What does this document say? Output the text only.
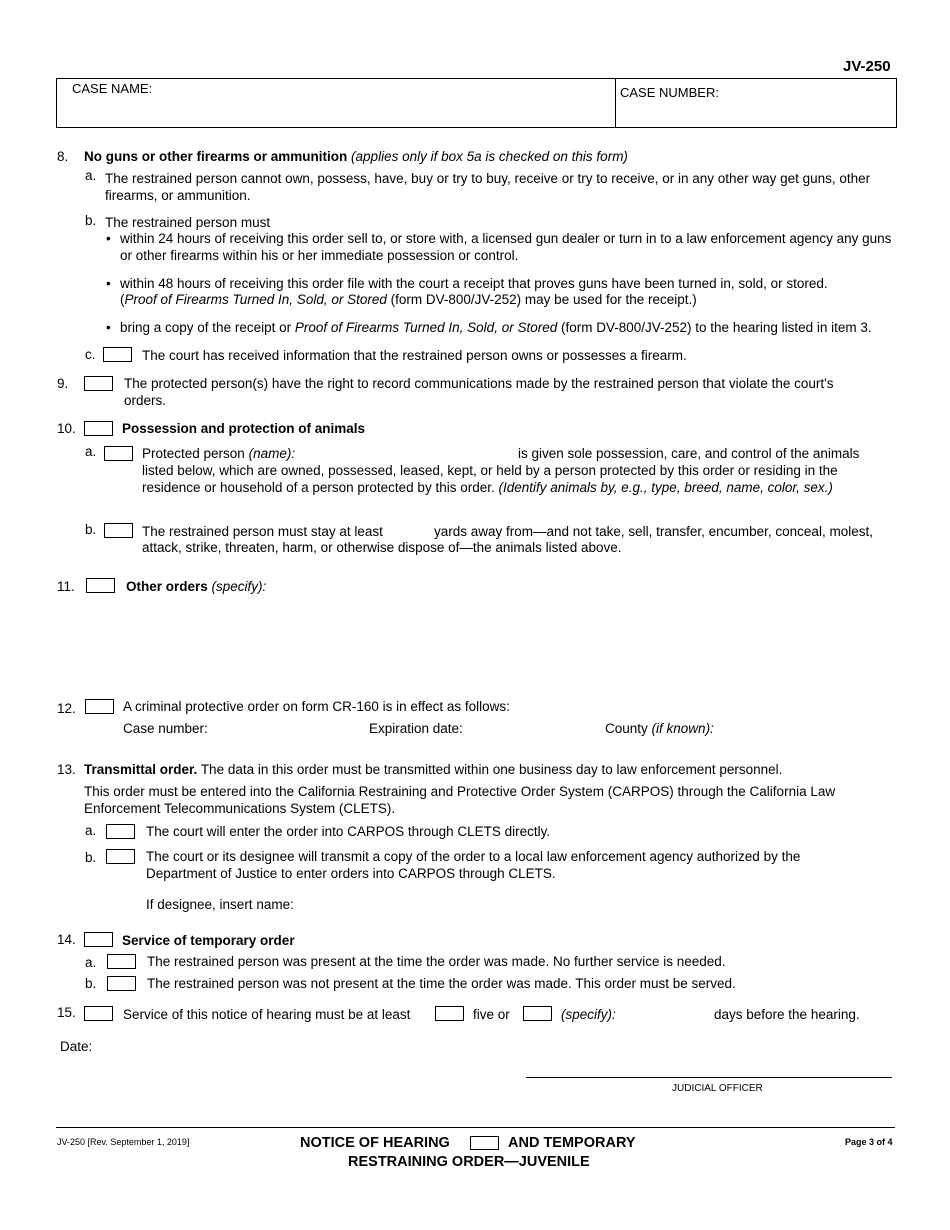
JV-250
CASE NAME:	CASE NUMBER:
8. No guns or other firearms or ammunition (applies only if box 5a is checked on this form)
a. The restrained person cannot own, possess, have, buy or try to buy, receive or try to receive, or in any other way get guns, other firearms, or ammunition.
b. The restrained person must
• within 24 hours of receiving this order sell to, or store with, a licensed gun dealer or turn in to a law enforcement agency any guns or other firearms within his or her immediate possession or control.
• within 48 hours of receiving this order file with the court a receipt that proves guns have been turned in, sold, or stored.
(Proof of Firearms Turned In, Sold, or Stored (form DV-800/JV-252) may be used for the receipt.)
• bring a copy of the receipt or Proof of Firearms Turned In, Sold, or Stored (form DV-800/JV-252) to the hearing listed in item 3.
c.	The court has received information that the restrained person owns or possesses a firearm.
9.	The protected person(s) have the right to record communications made by the restrained person that violate the court's orders.
10.	Possession and protection of animals
a.	Protected person (name):	is given sole possession, care, and control of the animals
listed below, which are owned, possessed, leased, kept, or held by a person protected by this order or residing in the
residence or household of a person protected by this order. (Identify animals by, e.g., type, breed, name, color, sex.)
b.	The restrained person must stay at least	yards away from—and not take, sell, transfer, encumber, conceal, molest,
attack, strike, threaten, harm, or otherwise dispose of—the animals listed above.
11.	Other orders (specify):
12.	A criminal protective order on form CR-160 is in effect as follows:
Case number:	Expiration date:	County (if known):
13. Transmittal order. The data in this order must be transmitted within one business day to law enforcement personnel.
This order must be entered into the California Restraining and Protective Order System (CARPOS) through the California Law Enforcement Telecommunications System (CLETS).
a.	The court will enter the order into CARPOS through CLETS directly.
b.	The court or its designee will transmit a copy of the order to a local law enforcement agency authorized by the Department of Justice to enter orders into CARPOS through CLETS.
If designee, insert name:
14.	Service of temporary order
a.	The restrained person was present at the time the order was made. No further service is needed.
b.	The restrained person was not present at the time the order was made. This order must be served.
15.	Service of this notice of hearing must be at least	five or	(specify):	days before the hearing.
Date:
JUDICIAL OFFICER
JV-250 [Rev. September 1, 2019]	NOTICE OF HEARING	AND TEMPORARY
RESTRAINING ORDER—JUVENILE
Page 3 of 4
